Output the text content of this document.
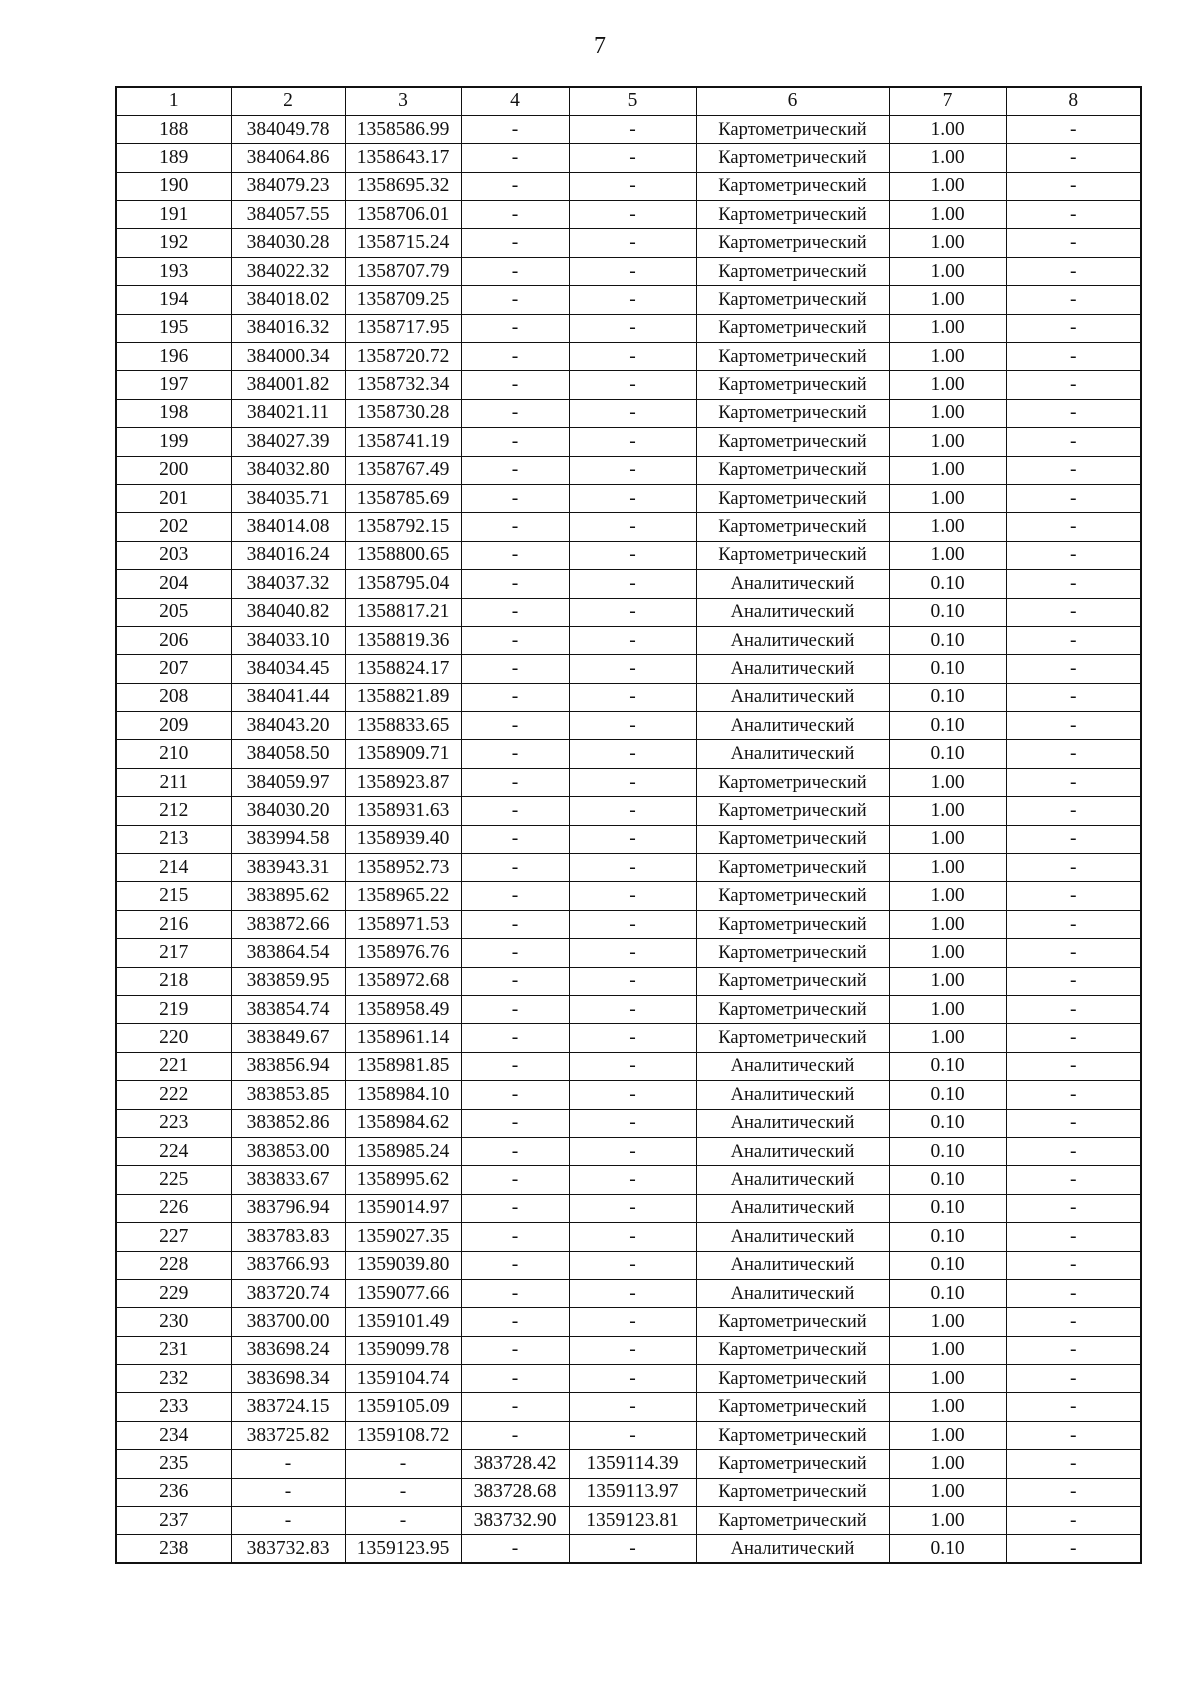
7
1	2	3	4	5	6	7	8
188	384049.78	1358586.99	-	-	Картометрический	1.00	-
189	384064.86	1358643.17	-	-	Картометрический	1.00	-
190	384079.23	1358695.32	-	-	Картометрический	1.00	-
191	384057.55	1358706.01	-	-	Картометрический	1.00	-
192	384030.28	1358715.24	-	-	Картометрический	1.00	-
193	384022.32	1358707.79	-	-	Картометрический	1.00	-
194	384018.02	1358709.25	-	-	Картометрический	1.00	-
195	384016.32	1358717.95	-	-	Картометрический	1.00	-
196	384000.34	1358720.72	-	-	Картометрический	1.00	-
197	384001.82	1358732.34	-	-	Картометрический	1.00	-
198	384021.11	1358730.28	-	-	Картометрический	1.00	-
199	384027.39	1358741.19	-	-	Картометрический	1.00	-
200	384032.80	1358767.49	-	-	Картометрический	1.00	-
201	384035.71	1358785.69	-	-	Картометрический	1.00	-
202	384014.08	1358792.15	-	-	Картометрический	1.00	-
203	384016.24	1358800.65	-	-	Картометрический	1.00	-
204	384037.32	1358795.04	-	-	Аналитический	0.10	-
205	384040.82	1358817.21	-	-	Аналитический	0.10	-
206	384033.10	1358819.36	-	-	Аналитический	0.10	-
207	384034.45	1358824.17	-	-	Аналитический	0.10	-
208	384041.44	1358821.89	-	-	Аналитический	0.10	-
209	384043.20	1358833.65	-	-	Аналитический	0.10	-
210	384058.50	1358909.71	-	-	Аналитический	0.10	-
211	384059.97	1358923.87	-	-	Картометрический	1.00	-
212	384030.20	1358931.63	-	-	Картометрический	1.00	-
213	383994.58	1358939.40	-	-	Картометрический	1.00	-
214	383943.31	1358952.73	-	-	Картометрический	1.00	-
215	383895.62	1358965.22	-	-	Картометрический	1.00	-
216	383872.66	1358971.53	-	-	Картометрический	1.00	-
217	383864.54	1358976.76	-	-	Картометрический	1.00	-
218	383859.95	1358972.68	-	-	Картометрический	1.00	-
219	383854.74	1358958.49	-	-	Картометрический	1.00	-
220	383849.67	1358961.14	-	-	Картометрический	1.00	-
221	383856.94	1358981.85	-	-	Аналитический	0.10	-
222	383853.85	1358984.10	-	-	Аналитический	0.10	-
223	383852.86	1358984.62	-	-	Аналитический	0.10	-
224	383853.00	1358985.24	-	-	Аналитический	0.10	-
225	383833.67	1358995.62	-	-	Аналитический	0.10	-
226	383796.94	1359014.97	-	-	Аналитический	0.10	-
227	383783.83	1359027.35	-	-	Аналитический	0.10	-
228	383766.93	1359039.80	-	-	Аналитический	0.10	-
229	383720.74	1359077.66	-	-	Аналитический	0.10	-
230	383700.00	1359101.49	-	-	Картометрический	1.00	-
231	383698.24	1359099.78	-	-	Картометрический	1.00	-
232	383698.34	1359104.74	-	-	Картометрический	1.00	-
233	383724.15	1359105.09	-	-	Картометрический	1.00	-
234	383725.82	1359108.72	-	-	Картометрический	1.00	-
235	-	-	383728.42	1359114.39	Картометрический	1.00	-
236	-	-	383728.68	1359113.97	Картометрический	1.00	-
237	-	-	383732.90	1359123.81	Картометрический	1.00	-
238	383732.83	1359123.95	-	-	Аналитический	0.10	-
